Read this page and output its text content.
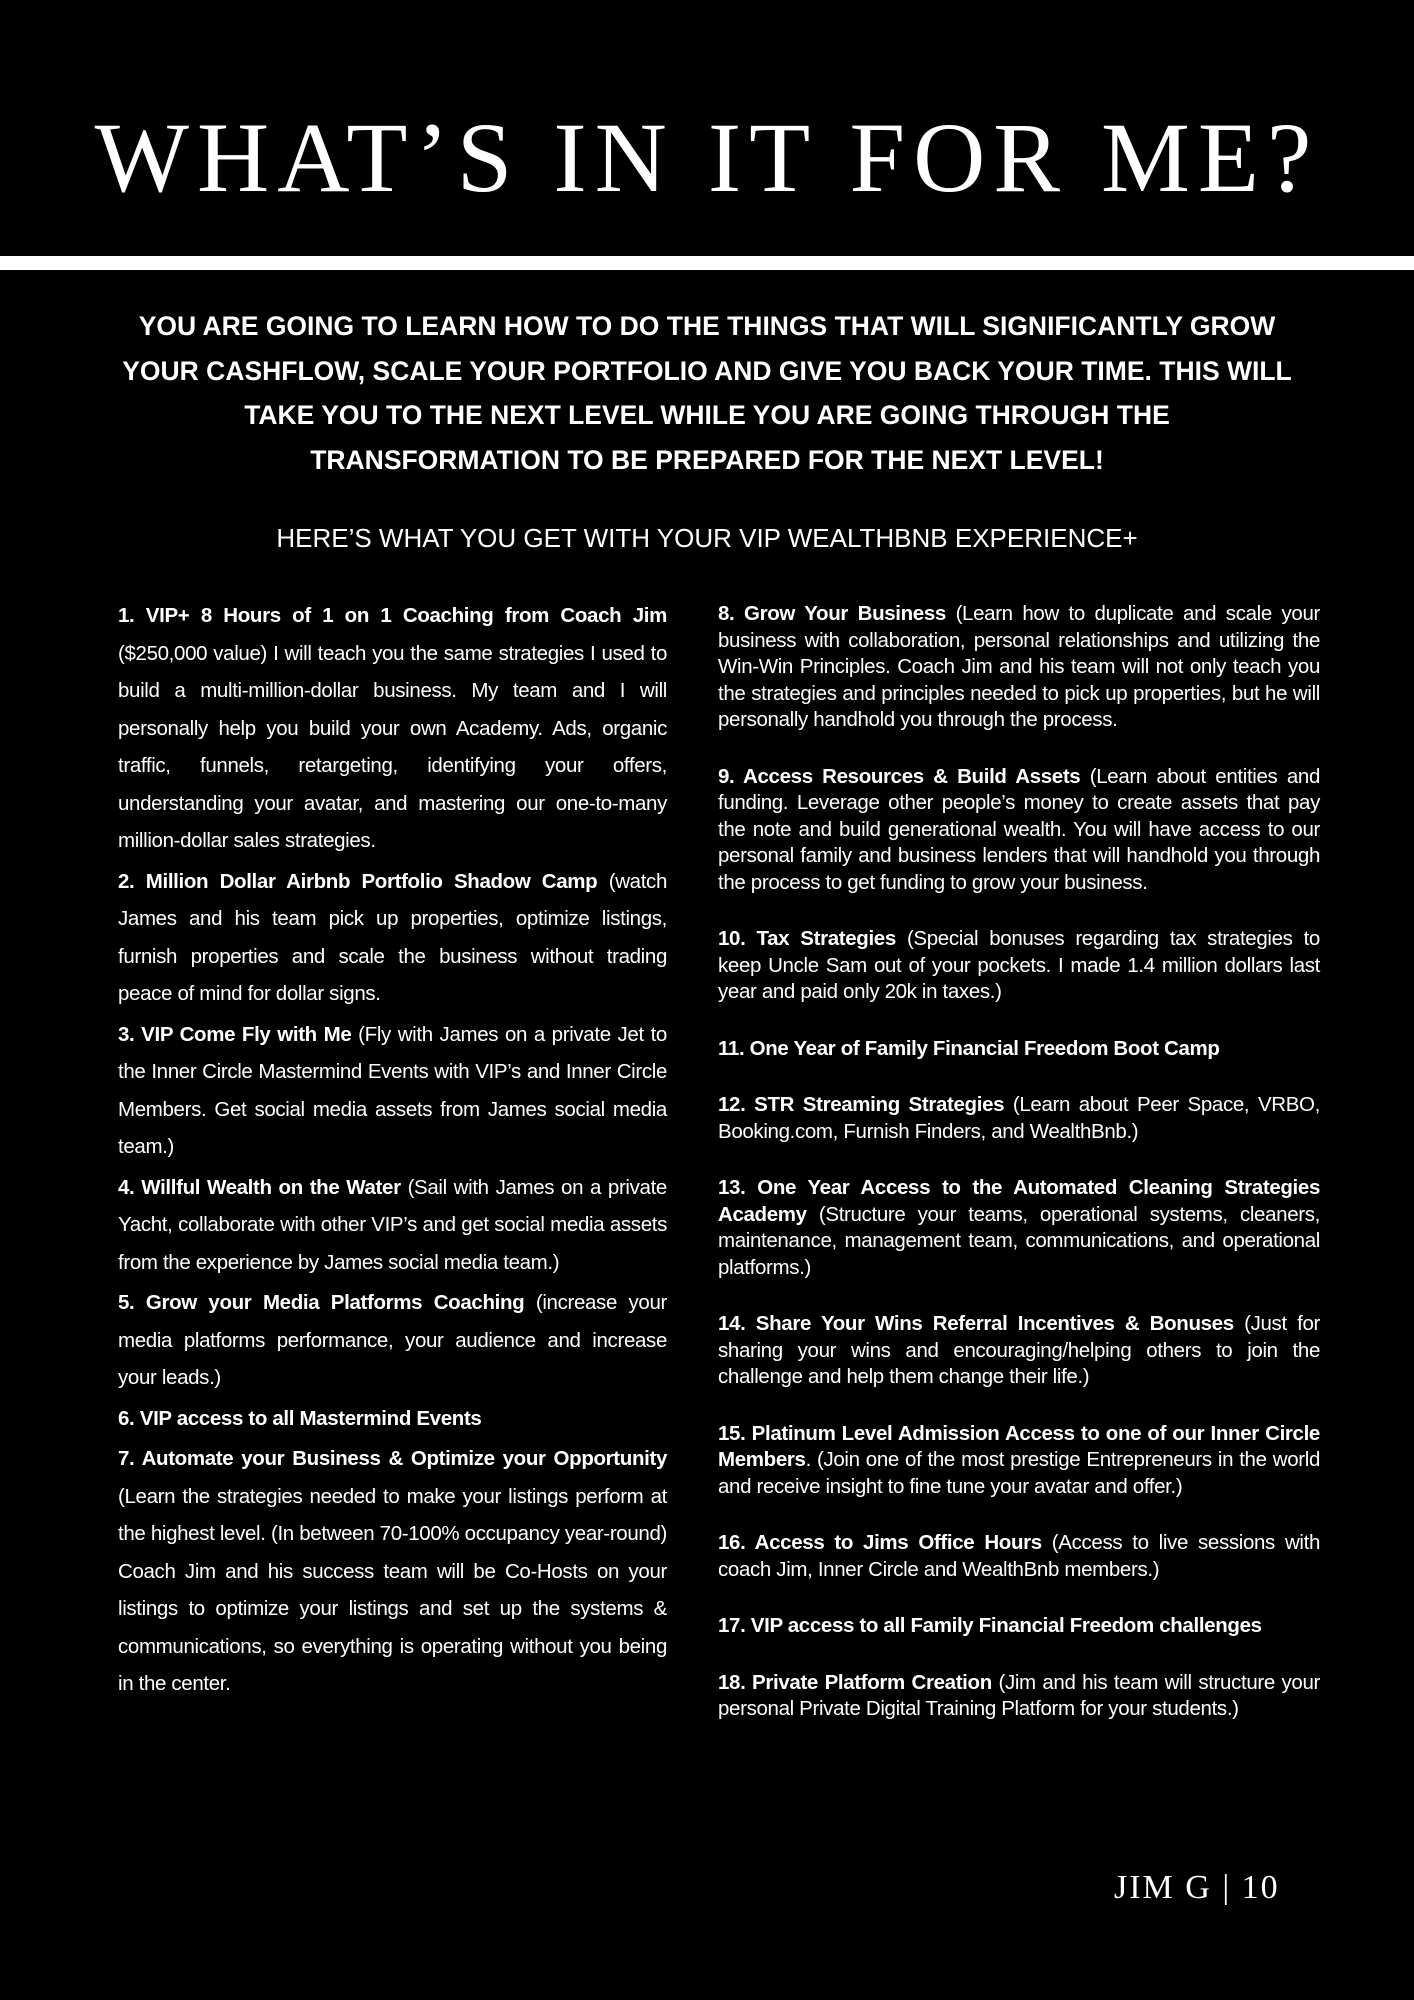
WHAT’S IN IT FOR ME?

YOU ARE GOING TO LEARN HOW TO DO THE THINGS THAT WILL SIGNIFICANTLY GROW YOUR CASHFLOW, SCALE YOUR PORTFOLIO AND GIVE YOU BACK YOUR TIME. THIS WILL TAKE YOU TO THE NEXT LEVEL WHILE YOU ARE GOING THROUGH THE TRANSFORMATION TO BE PREPARED FOR THE NEXT LEVEL!

HERE’S WHAT YOU GET WITH YOUR VIP WEALTHBNB EXPERIENCE+

1. VIP+ 8 Hours of 1 on 1 Coaching from Coach Jim ($250,000 value) I will teach you the same strategies I used to build a multi-million-dollar business. My team and I will personally help you build your own Academy. Ads, organic traffic, funnels, retargeting, identifying your offers, understanding your avatar, and mastering our one-to-many million-dollar sales strategies.

2. Million Dollar Airbnb Portfolio Shadow Camp (watch James and his team pick up properties, optimize listings, furnish properties and scale the business without trading peace of mind for dollar signs.

3. VIP Come Fly with Me (Fly with James on a private Jet to the Inner Circle Mastermind Events with VIP’s and Inner Circle Members. Get social media assets from James social media team.)

4. Willful Wealth on the Water (Sail with James on a private Yacht, collaborate with other VIP’s and get social media assets from the experience by James social media team.)

5. Grow your Media Platforms Coaching (increase your media platforms performance, your audience and increase your leads.)

6. VIP access to all Mastermind Events

7. Automate your Business & Optimize your Opportunity (Learn the strategies needed to make your listings perform at the highest level. (In between 70-100% occupancy year-round) Coach Jim and his success team will be Co-Hosts on your listings to optimize your listings and set up the systems & communications, so everything is operating without you being in the center.

8. Grow Your Business (Learn how to duplicate and scale your business with collaboration, personal relationships and utilizing the Win-Win Principles. Coach Jim and his team will not only teach you the strategies and principles needed to pick up properties, but he will personally handhold you through the process.

9. Access Resources & Build Assets (Learn about entities and funding. Leverage other people’s money to create assets that pay the note and build generational wealth. You will have access to our personal family and business lenders that will handhold you through the process to get funding to grow your business.

10. Tax Strategies (Special bonuses regarding tax strategies to keep Uncle Sam out of your pockets. I made 1.4 million dollars last year and paid only 20k in taxes.)

11. One Year of Family Financial Freedom Boot Camp

12. STR Streaming Strategies (Learn about Peer Space, VRBO, Booking.com, Furnish Finders, and WealthBnb.)

13. One Year Access to the Automated Cleaning Strategies Academy (Structure your teams, operational systems, cleaners, maintenance, management team, communications, and operational platforms.)

14. Share Your Wins Referral Incentives & Bonuses (Just for sharing your wins and encouraging/helping others to join the challenge and help them change their life.)

15. Platinum Level Admission Access to one of our Inner Circle Members. (Join one of the most prestige Entrepreneurs in the world and receive insight to fine tune your avatar and offer.)

16. Access to Jims Office Hours (Access to live sessions with coach Jim, Inner Circle and WealthBnb members.)

17. VIP access to all Family Financial Freedom challenges

18. Private Platform Creation (Jim and his team will structure your personal Private Digital Training Platform for your students.)

JIM G | 10
